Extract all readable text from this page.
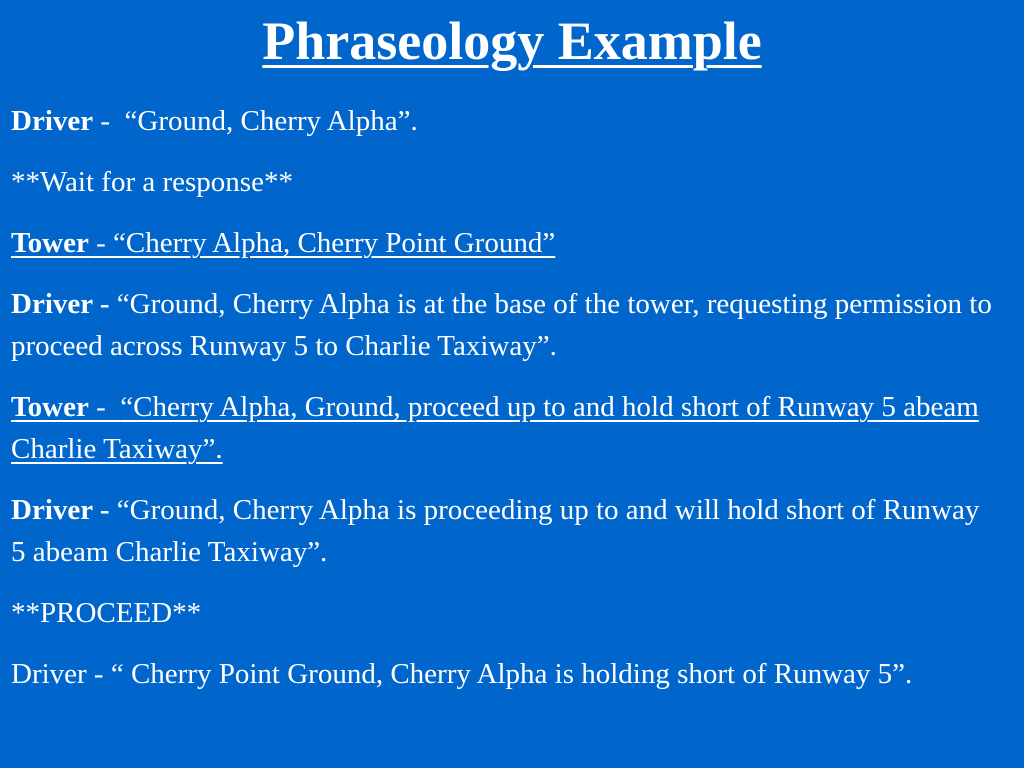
Phraseology Example

Driver -  “Ground, Cherry Alpha”.

**Wait for a response**

Tower - “Cherry Alpha, Cherry Point Ground”

Driver - “Ground, Cherry Alpha is at the base of the tower, requesting permission to proceed across Runway 5 to Charlie Taxiway”.

Tower -  “Cherry Alpha, Ground, proceed up to and hold short of Runway 5 abeam Charlie Taxiway”.

Driver - “Ground, Cherry Alpha is proceeding up to and will hold short of Runway 5 abeam Charlie Taxiway”.

**PROCEED**

Driver - “ Cherry Point Ground, Cherry Alpha is holding short of Runway 5”.
